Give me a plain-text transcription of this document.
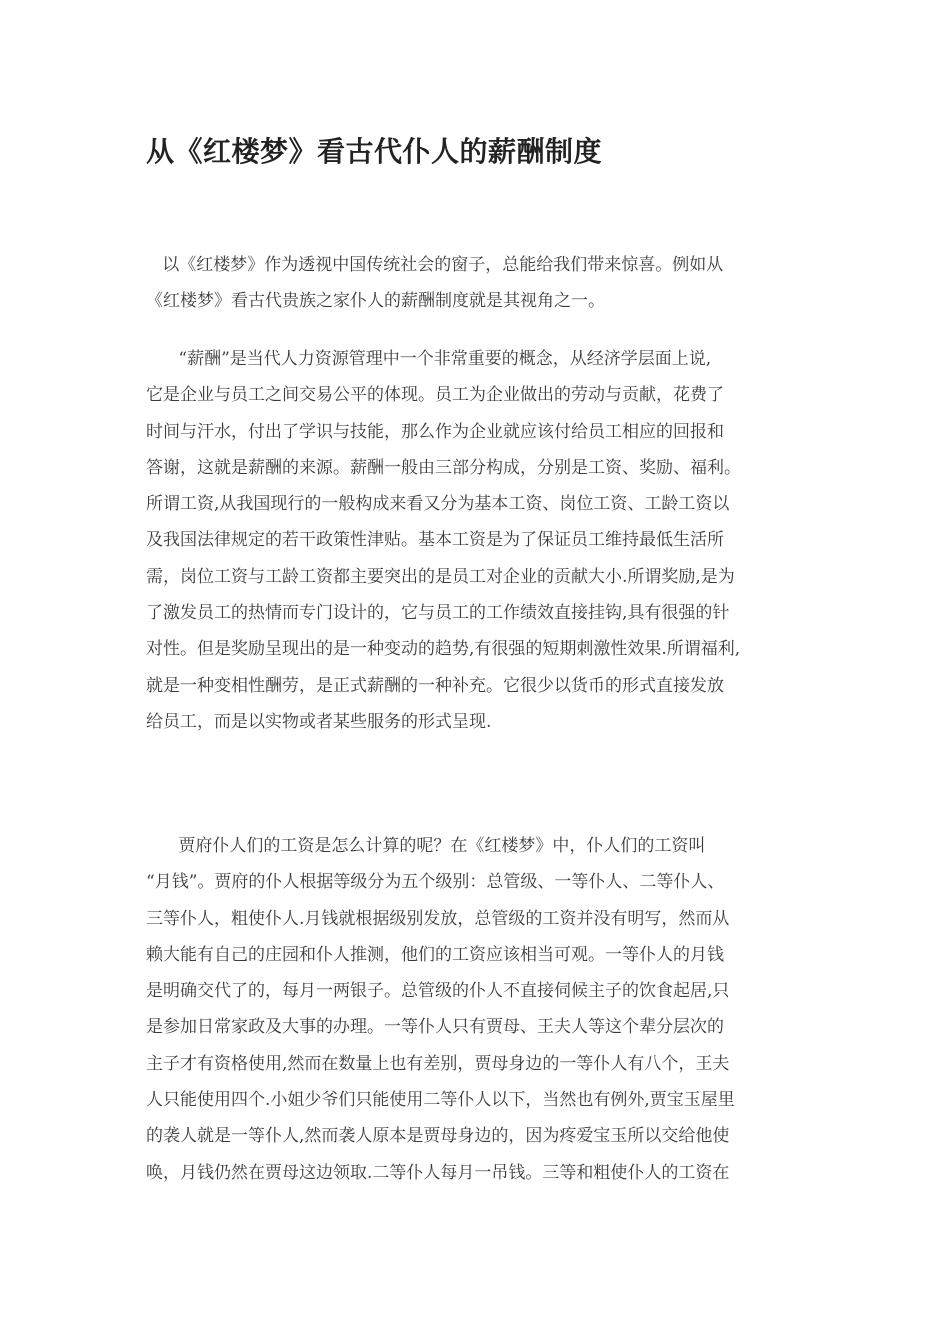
从《红楼梦》看古代仆人的薪酬制度
以《红楼梦》作为透视中国传统社会的窗子，总能给我们带来惊喜。例如从
《红楼梦》看古代贵族之家仆人的薪酬制度就是其视角之一。
“薪酬”是当代人力资源管理中一个非常重要的概念，从经济学层面上说,
它是企业与员工之间交易公平的体现。员工为企业做出的劳动与贡献，花费了
时间与汗水，付出了学识与技能，那么作为企业就应该付给员工相应的回报和
答谢，这就是薪酬的来源。薪酬一般由三部分构成，分别是工资、奖励、福利。
所谓工资,从我国现行的一般构成来看又分为基本工资、岗位工资、工龄工资以
及我国法律规定的若干政策性津贴。基本工资是为了保证员工维持最低生活所
需，岗位工资与工龄工资都主要突出的是员工对企业的贡献大小.所谓奖励,是为
了激发员工的热情而专门设计的，它与员工的工作绩效直接挂钩,具有很强的针
对性。但是奖励呈现出的是一种变动的趋势,有很强的短期刺激性效果.所谓福利,
就是一种变相性酬劳，是正式薪酬的一种补充。它很少以货币的形式直接发放
给员工，而是以实物或者某些服务的形式呈现.
贾府仆人们的工资是怎么计算的呢？在《红楼梦》中，仆人们的工资叫
“月钱”。贾府的仆人根据等级分为五个级别：总管级、一等仆人、二等仆人、
三等仆人，粗使仆人.月钱就根据级别发放，总管级的工资并没有明写，然而从
赖大能有自己的庄园和仆人推测，他们的工资应该相当可观。一等仆人的月钱
是明确交代了的，每月一两银子。总管级的仆人不直接伺候主子的饮食起居,只
是参加日常家政及大事的办理。一等仆人只有贾母、王夫人等这个辈分层次的
主子才有资格使用,然而在数量上也有差别，贾母身边的一等仆人有八个，王夫
人只能使用四个.小姐少爷们只能使用二等仆人以下，当然也有例外,贾宝玉屋里
的袭人就是一等仆人,然而袭人原本是贾母身边的，因为疼爱宝玉所以交给他使
唤，月钱仍然在贾母这边领取.二等仆人每月一吊钱。三等和粗使仆人的工资在
